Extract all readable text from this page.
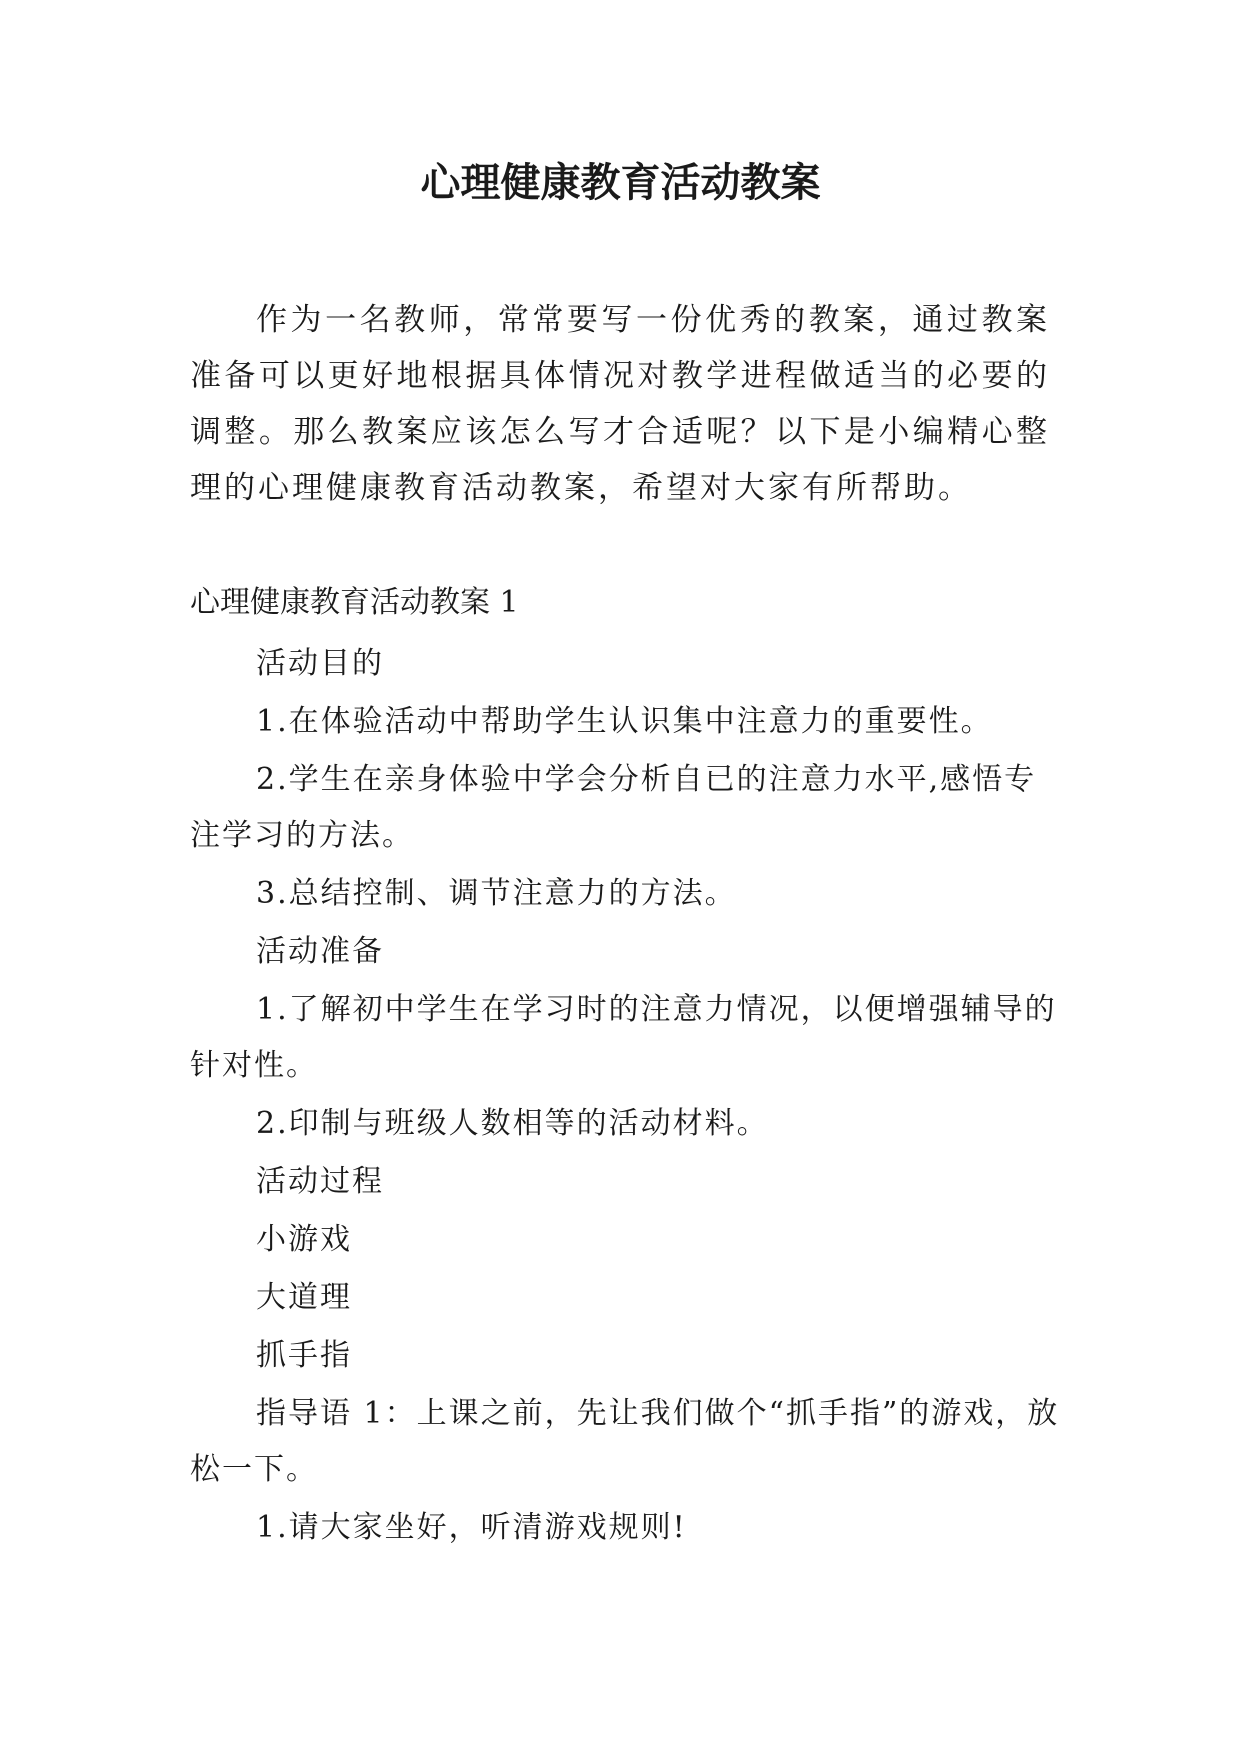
心理健康教育活动教案

作为一名教师，常常要写一份优秀的教案，通过教案准备可以更好地根据具体情况对教学进程做适当的必要的调整。那么教案应该怎么写才合适呢？以下是小编精心整理的心理健康教育活动教案，希望对大家有所帮助。

心理健康教育活动教案 1

活动目的

1.在体验活动中帮助学生认识集中注意力的重要性。

2.学生在亲身体验中学会分析自已的注意力水平,感悟专注学习的方法。

3.总结控制、调节注意力的方法。

活动准备

1.了解初中学生在学习时的注意力情况，以便增强辅导的针对性。

2.印制与班级人数相等的活动材料。

活动过程

小游戏

大道理

抓手指

指导语 1：上课之前，先让我们做个“抓手指”的游戏，放松一下。

1.请大家坐好，听清游戏规则!
